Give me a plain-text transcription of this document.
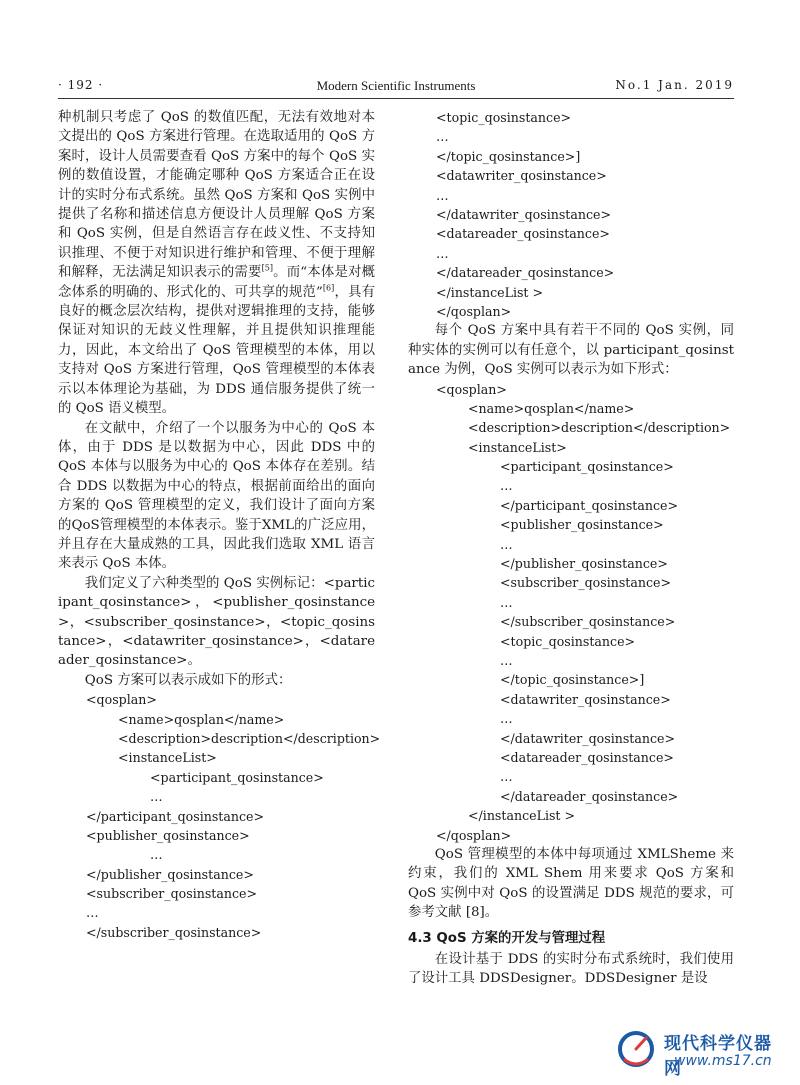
· 192 ·	Modern Scientific Instruments	No.1 Jan. 2019

种机制只考虑了 QoS 的数值匹配，无法有效地对本文提出的 QoS 方案进行管理。在选取适用的 QoS 方案时，设计人员需要查看 QoS 方案中的每个 QoS 实例的数值设置，才能确定哪种 QoS 方案适合正在设计的实时分布式系统。虽然 QoS 方案和 QoS 实例中提供了名称和描述信息方便设计人员理解 QoS 方案和 QoS 实例，但是自然语言存在歧义性、不支持知识推理、不便于对知识进行维护和管理、不便于理解和解释，无法满足知识表示的需要[5]。而“本体是对概念体系的明确的、形式化的、可共享的规范”[6]，具有良好的概念层次结构，提供对逻辑推理的支持，能够保证对知识的无歧义性理解，并且提供知识推理能力，因此，本文给出了 QoS 管理模型的本体，用以支持对 QoS 方案进行管理，QoS 管理模型的本体表示以本体理论为基础，为 DDS 通信服务提供了统一的 QoS 语义模型。

在文献中，介绍了一个以服务为中心的 QoS 本体，由于 DDS 是以数据为中心，因此 DDS 中的 QoS 本体与以服务为中心的 QoS 本体存在差别。结合 DDS 以数据为中心的特点，根据前面给出的面向方案的 QoS 管理模型的定义，我们设计了面向方案的QoS管理模型的本体表示。鉴于XML的广泛应用，并且存在大量成熟的工具，因此我们选取 XML 语言来表示 QoS 本体。

我们定义了六种类型的 QoS 实例标记：<participant_qosinstance>，<publisher_qosinstance>，<subscriber_qosinstance>，<topic_qosinstance>，<datawriter_qosinstance>，<datareader_qosinstance>。

QoS 方案可以表示成如下的形式：

<qosplan>
<name>qosplan</name>
<description>description</description>
<instanceList>
<participant_qosinstance>
…
</participant_qosinstance>
<publisher_qosinstance>
…
</publisher_qosinstance>
<subscriber_qosinstance>
…
</subscriber_qosinstance>
<topic_qosinstance>
…
</topic_qosinstance>]
<datawriter_qosinstance>
…
</datawriter_qosinstance>
<datareader_qosinstance>
…
</datareader_qosinstance>
</instanceList >
</qosplan>

每个 QoS 方案中具有若干不同的 QoS 实例，同种实体的实例可以有任意个，以 participant_qosinstance 为例，QoS 实例可以表示为如下形式：

<qosplan>
<name>qosplan</name>
<description>description</description>
<instanceList>
<participant_qosinstance>
…
</participant_qosinstance>
<publisher_qosinstance>
…
</publisher_qosinstance>
<subscriber_qosinstance>
…
</subscriber_qosinstance>
<topic_qosinstance>
…
</topic_qosinstance>]
<datawriter_qosinstance>
…
</datawriter_qosinstance>
<datareader_qosinstance>
…
</datareader_qosinstance>
</instanceList >
</qosplan>

QoS 管理模型的本体中每项通过 XMLSheme 来约束，我们的 XML Shem 用来要求 QoS 方案和 QoS 实例中对 QoS 的设置满足 DDS 规范的要求，可参考文献 [8]。

4.3 QoS 方案的开发与管理过程

在设计基于 DDS 的实时分布式系统时，我们使用了设计工具 DDSDesigner。DDSDesigner 是设

现代科学仪器网
www.ms17.cn
